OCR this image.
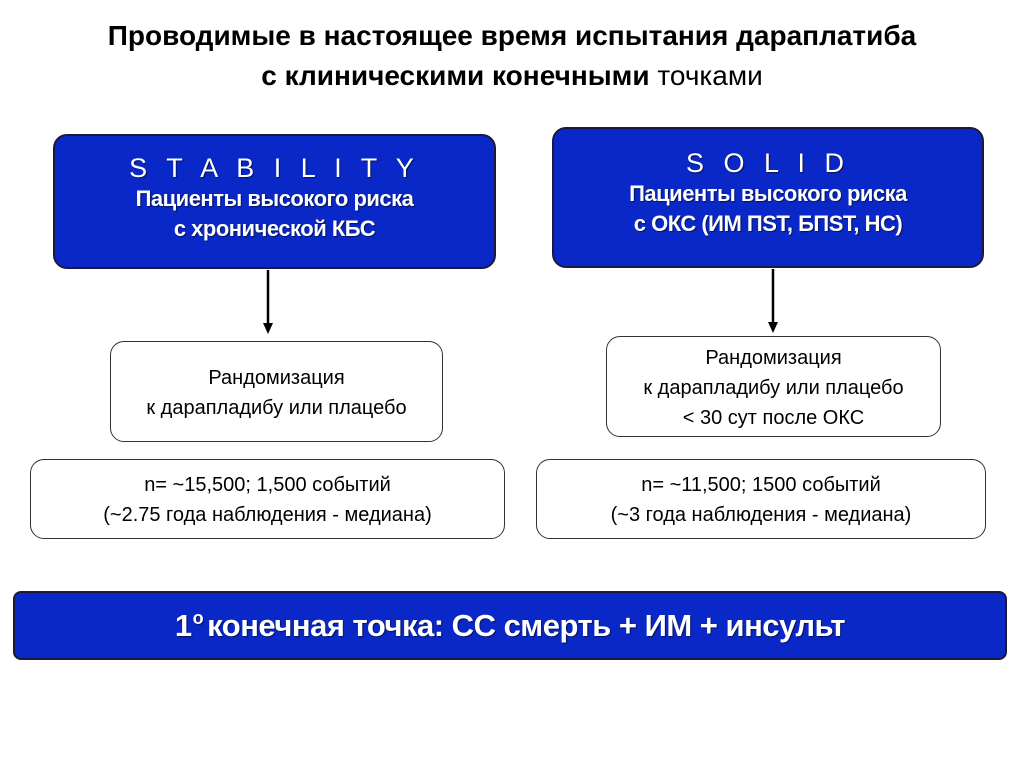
Проводимые в настоящее время испытания дараплатиба
с клиническими конечными точками
S T A B I L I T Y
Пациенты высокого риска
с хронической КБС
S O L I D
Пациенты высокого риска
с ОКС (ИМ ПST, БПST, НС)
Рандомизация
к дарапладибу или плацебо
Рандомизация
к дарапладибу или плацебо
< 30 сут после ОКС
n= ~15,500; 1,500 событий
(~2.75 года наблюдения - медиана)
n= ~11,500; 1500 событий
(~3 года наблюдения - медиана)
$1^о$ конечная точка: СС смерть + ИМ + инсульт
